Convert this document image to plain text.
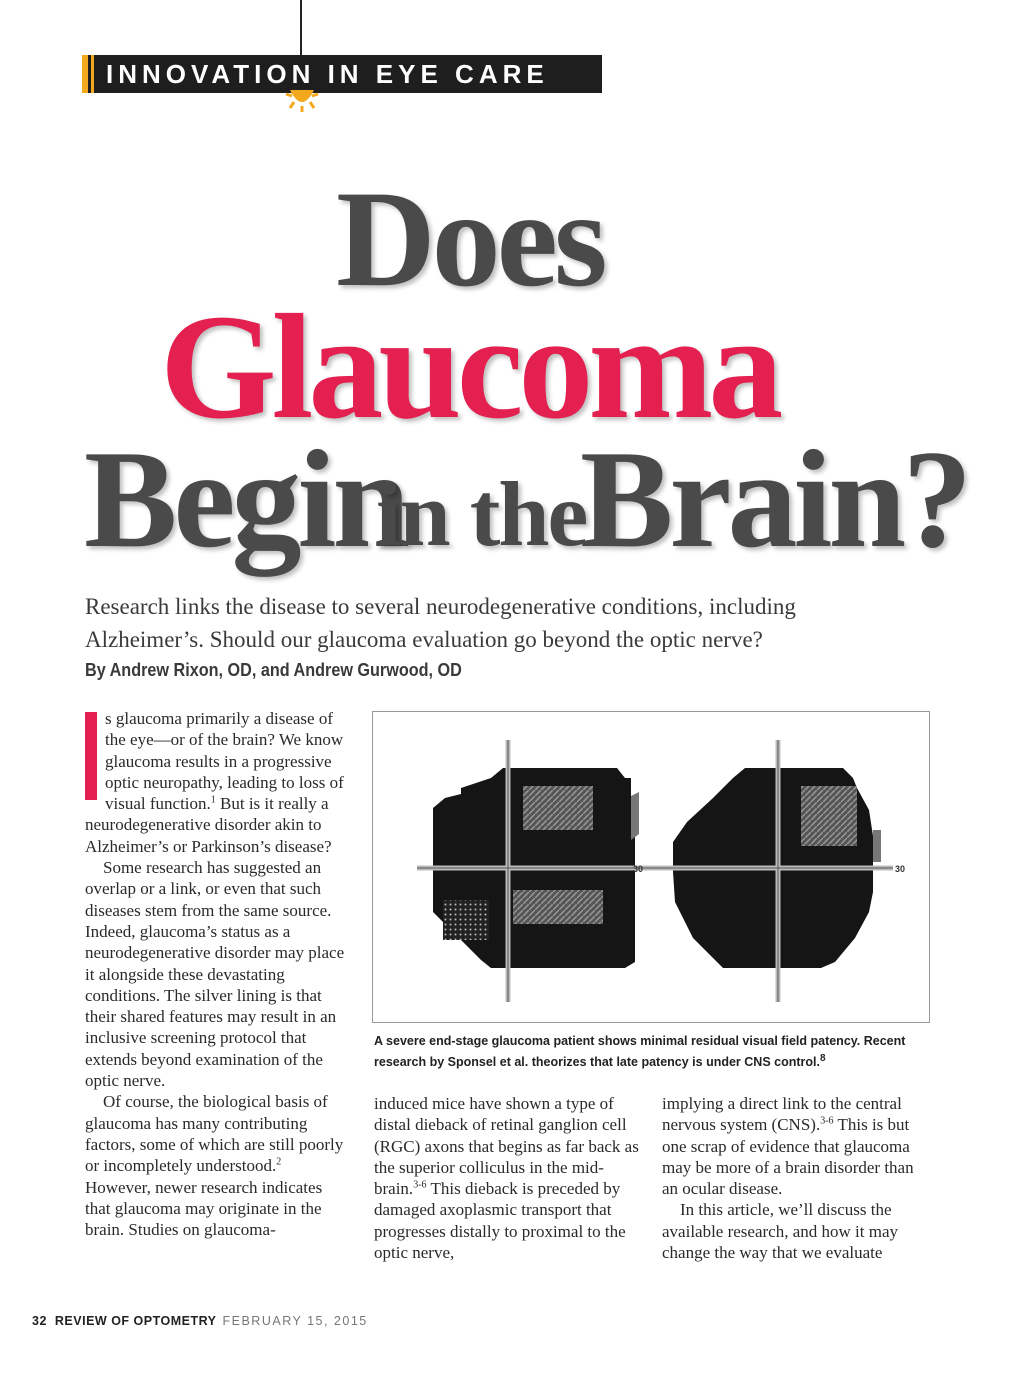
INNOVATION IN EYE CARE
Does
Glaucoma
Begin
in the
Brain?
Research links the disease to several neurodegenerative conditions, including Alzheimer’s. Should our glaucoma evaluation go beyond the optic nerve?
By Andrew Rixon, OD, and Andrew Gurwood, OD

s glaucoma primarily a disease of the eye—or of the brain? We know glaucoma results in a progressive optic neuropathy, leading to loss of visual function.$^1$ But is it really a neurodegenerative disorder akin to Alzheimer’s or Parkinson’s disease?

Some research has suggested an overlap or a link, or even that such diseases stem from the same source. Indeed, glaucoma’s status as a neurodegenerative disorder may place it alongside these devastating conditions. The silver lining is that their shared features may result in an inclusive screening protocol that extends beyond examination of the optic nerve.

Of course, the biological basis of glaucoma has many contributing factors, some of which are still poorly or incompletely understood.$^2$ However, newer research indicates that glaucoma may originate in the brain. Studies on glaucoma-

30	30
A severe end-stage glaucoma patient shows minimal residual visual field patency. Recent research by Sponsel et al. theorizes that late patency is under CNS control.$^8$

induced mice have shown a type of distal dieback of retinal ganglion cell (RGC) axons that begins as far back as the superior colliculus in the mid-brain.$^{3-6}$ This dieback is preceded by damaged axoplasmic transport that progresses distally to proximal to the optic nerve,

implying a direct link to the central nervous system (CNS).$^{3-6}$ This is but one scrap of evidence that glaucoma may be more of a brain disorder than an ocular disease.

In this article, we’ll discuss the available research, and how it may change the way that we evaluate

32 REVIEW OF OPTOMETRY FEBRUARY 15, 2015
